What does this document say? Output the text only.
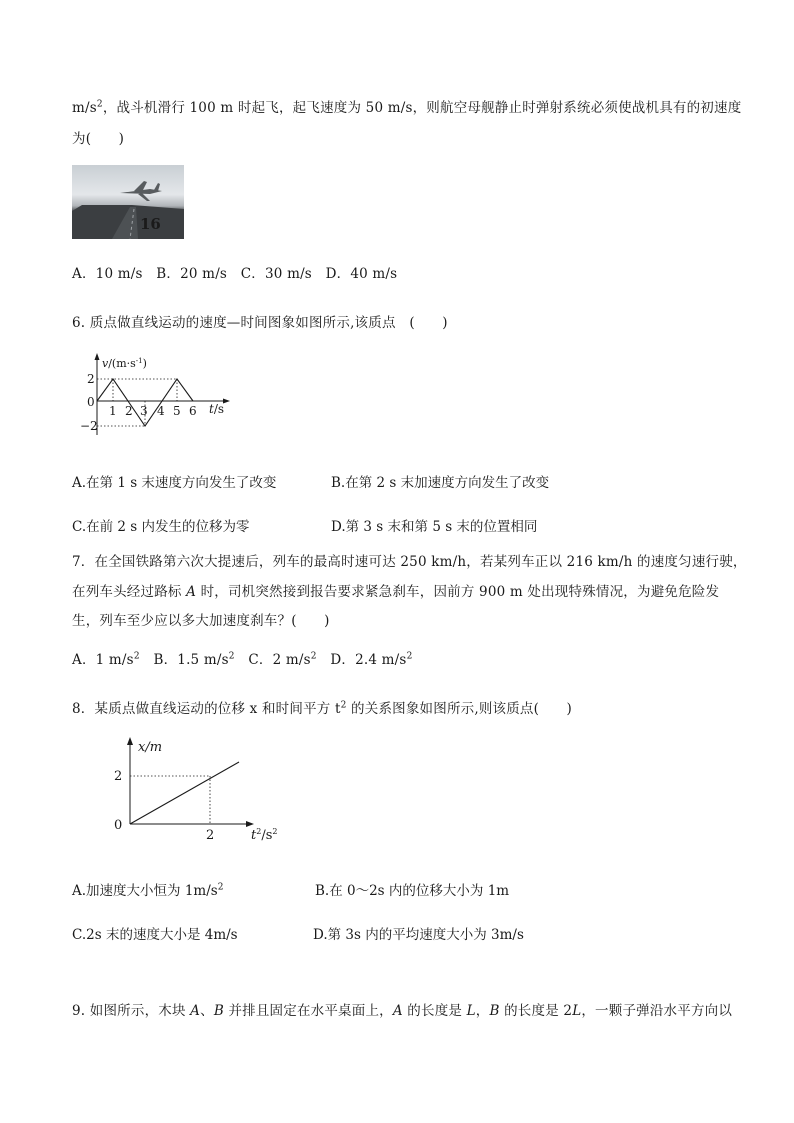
$m/s^2$，战斗机滑行 100 m 时起飞，起飞速度为 50 m/s，则航空母舰静止时弹射系统必须使战机具有的初速度
为(　　)
16
A．10 m/s　B．20 m/s　C．30 m/s　D．40 m/s
6. 质点做直线运动的速度—时间图象如图所示,该质点　(　　)
$v/(m\cdot s^{-1})$
2
0
−2
1 2 3 4 5 6 t/s
A.在第 1 s 末速度方向发生了改变	B.在第 2 s 末加速度方向发生了改变
C.在前 2 s 内发生的位移为零	D.第 3 s 末和第 5 s 末的位置相同
7．在全国铁路第六次大提速后，列车的最高时速可达 250 km/h，若某列车正以 216 km/h 的速度匀速行驶，
在列车头经过路标 A 时，司机突然接到报告要求紧急刹车，因前方 900 m 处出现特殊情况，为避免危险发
生，列车至少应以多大加速度刹车？(　　)
A．1 $m/s^2$　 B．1.5 $m/s^2$　 C．2 $m/s^2$　 D．2.4 $m/s^2$
8．某质点做直线运动的位移 x 和时间平方 $t^2$ 的关系图象如图所示,则该质点(　　)
x/m
2
0
2	$t^2/s^2$
A.加速度大小恒为 $1m/s^2$	B.在 0～2s 内的位移大小为 1m
C.2s 末的速度大小是 4m/s	D.第 3s 内的平均速度大小为 3m/s
9. 如图所示，木块 A、B 并排且固定在水平桌面上，A 的长度是 L，B 的长度是 2L，一颗子弹沿水平方向以
